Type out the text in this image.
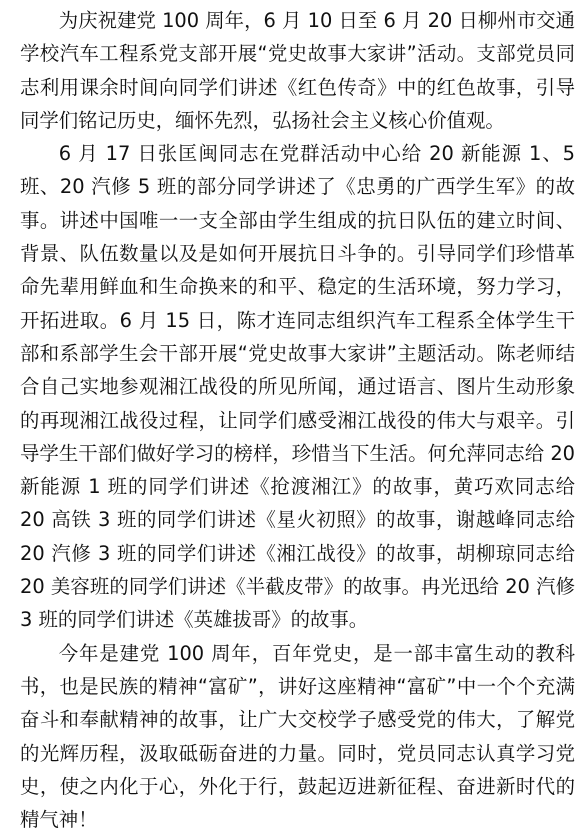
为庆祝建党 100 周年，6 月 10 日至 6 月 20 日柳州市交通学校汽车工程系党支部开展“党史故事大家讲”活动。支部党员同志利用课余时间向同学们讲述《红色传奇》中的红色故事，引导同学们铭记历史，缅怀先烈，弘扬社会主义核心价值观。

6 月 17 日张匡闽同志在党群活动中心给 20 新能源 1、5 班、20 汽修 5 班的部分同学讲述了《忠勇的广西学生军》的故事。讲述中国唯一一支全部由学生组成的抗日队伍的建立时间、背景、队伍数量以及是如何开展抗日斗争的。引导同学们珍惜革命先辈用鲜血和生命换来的和平、稳定的生活环境，努力学习，开拓进取。6 月 15 日，陈才连同志组织汽车工程系全体学生干部和系部学生会干部开展“党史故事大家讲”主题活动。陈老师结合自己实地参观湘江战役的所见所闻，通过语言、图片生动形象的再现湘江战役过程，让同学们感受湘江战役的伟大与艰辛。引导学生干部们做好学习的榜样，珍惜当下生活。何允萍同志给 20 新能源 1 班的同学们讲述《抢渡湘江》的故事，黄巧欢同志给 20 高铁 3 班的同学们讲述《星火初照》的故事，谢越峰同志给 20 汽修 3 班的同学们讲述《湘江战役》的故事，胡柳琼同志给 20 美容班的同学们讲述《半截皮带》的故事。冉光迅给 20 汽修 3 班的同学们讲述《英雄拔哥》的故事。

今年是建党 100 周年，百年党史，是一部丰富生动的教科书，也是民族的精神“富矿”，讲好这座精神“富矿”中一个个充满奋斗和奉献精神的故事，让广大交校学子感受党的伟大，了解党的光辉历程，汲取砥砺奋进的力量。同时，党员同志认真学习党史，使之内化于心，外化于行，鼓起迈进新征程、奋进新时代的精气神！
